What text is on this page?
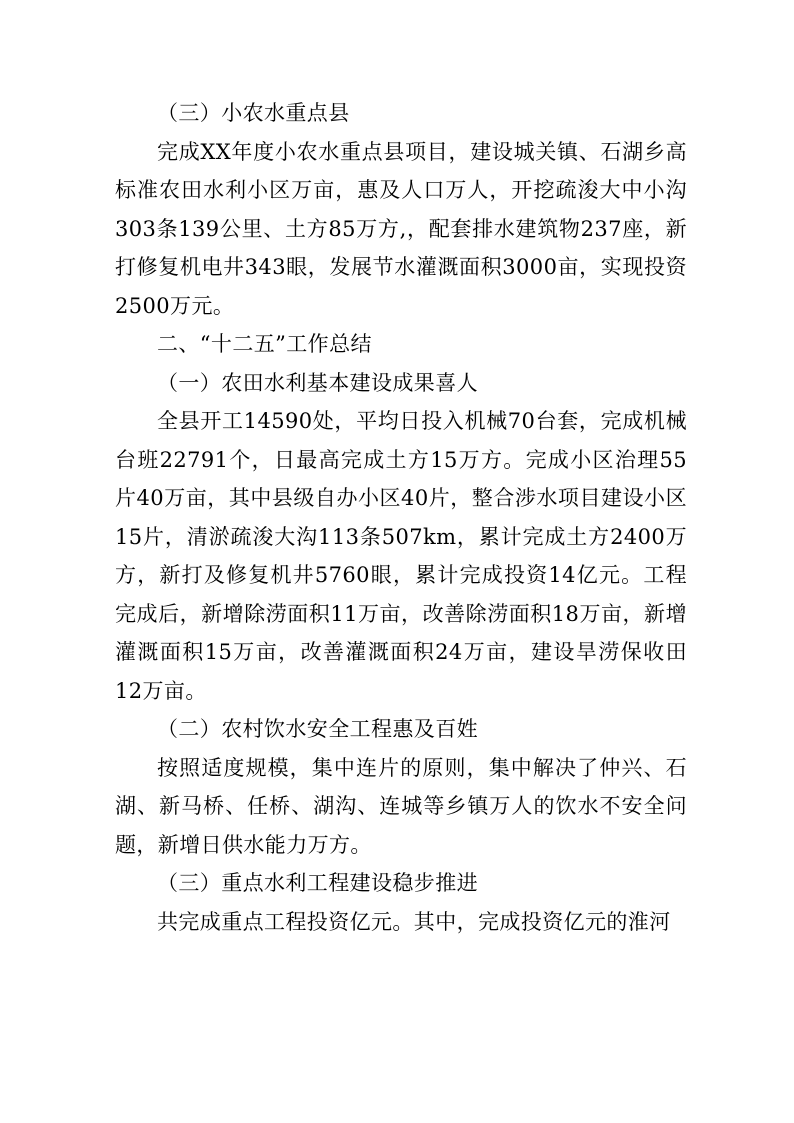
（三）小农水重点县

完成XX年度小农水重点县项目，建设城关镇、石湖乡高标准农田水利小区万亩，惠及人口万人，开挖疏浚大中小沟303条139公里、土方85万方,，配套排水建筑物237座，新打修复机电井343眼，发展节水灌溉面积3000亩，实现投资2500万元。

二、“十二五”工作总结

（一）农田水利基本建设成果喜人

全县开工14590处，平均日投入机械70台套，完成机械台班22791个，日最高完成土方15万方。完成小区治理55片40万亩，其中县级自办小区40片，整合涉水项目建设小区15片，清淤疏浚大沟113条507km，累计完成土方2400万方，新打及修复机井5760眼，累计完成投资14亿元。工程完成后，新增除涝面积11万亩，改善除涝面积18万亩，新增灌溉面积15万亩，改善灌溉面积24万亩，建设旱涝保收田12万亩。

（二）农村饮水安全工程惠及百姓

按照适度规模，集中连片的原则，集中解决了仲兴、石湖、新马桥、任桥、湖沟、连城等乡镇万人的饮水不安全问题，新增日供水能力万方。

（三）重点水利工程建设稳步推进

共完成重点工程投资亿元。其中，完成投资亿元的淮河
